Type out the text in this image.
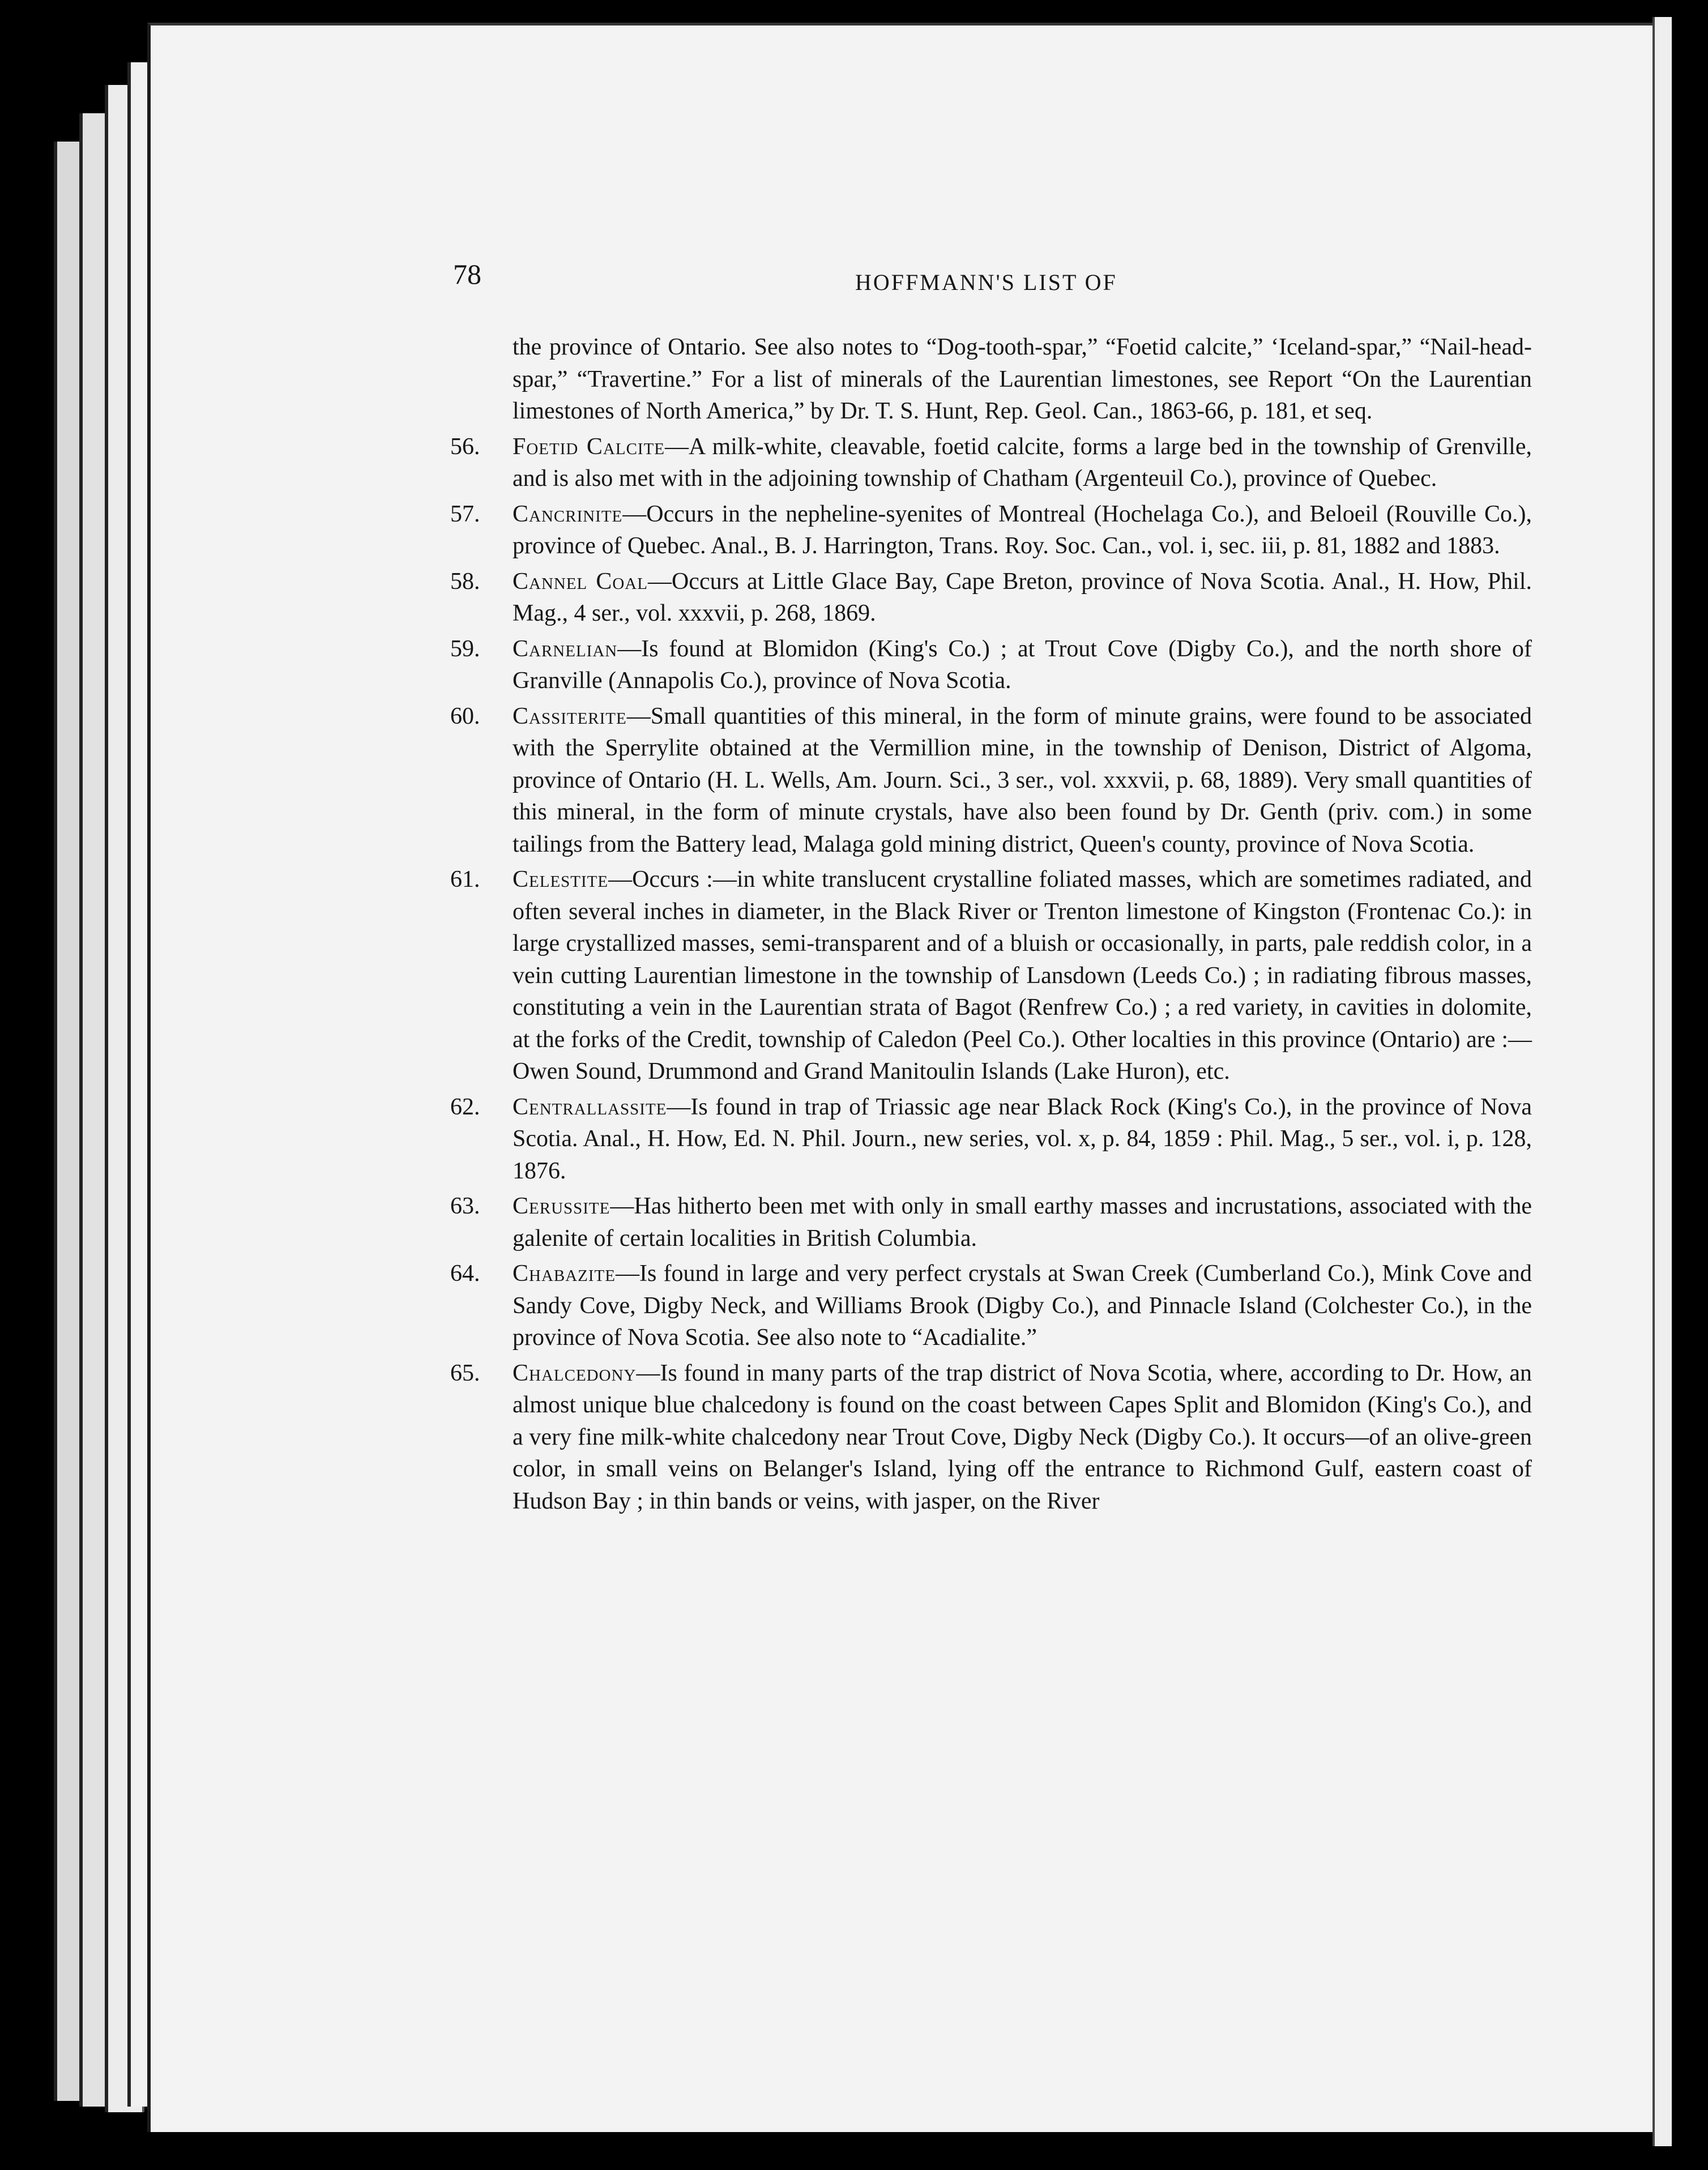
78	HOFFMANN'S LIST OF

the province of Ontario. See also notes to “Dog-tooth-spar,” “Foetid calcite,” ‘Iceland-spar,” “Nail-head-spar,” “Travertine.” For a list of minerals of the Laurentian limestones, see Report “On the Laurentian limestones of North America,” by Dr. T. S. Hunt, Rep. Geol. Can., 1863-66, p. 181, et seq.

56.	Foetid Calcite—A milk-white, cleavable, foetid calcite, forms a large bed in the township of Grenville, and is also met with in the adjoining township of Chatham (Argenteuil Co.), province of Quebec.

57.	Cancrinite—Occurs in the nepheline-syenites of Montreal (Hochelaga Co.), and Beloeil (Rouville Co.), province of Quebec. Anal., B. J. Harrington, Trans. Roy. Soc. Can., vol. i, sec. iii, p. 81, 1882 and 1883.

58.	Cannel Coal—Occurs at Little Glace Bay, Cape Breton, province of Nova Scotia. Anal., H. How, Phil. Mag., 4 ser., vol. xxxvii, p. 268, 1869.

59.	Carnelian—Is found at Blomidon (King's Co.) ; at Trout Cove (Digby Co.), and the north shore of Granville (Annapolis Co.), province of Nova Scotia.

60.	Cassiterite—Small quantities of this mineral, in the form of minute grains, were found to be associated with the Sperrylite obtained at the Vermillion mine, in the township of Denison, District of Algoma, province of Ontario (H. L. Wells, Am. Journ. Sci., 3 ser., vol. xxxvii, p. 68, 1889). Very small quantities of this mineral, in the form of minute crystals, have also been found by Dr. Genth (priv. com.) in some tailings from the Battery lead, Malaga gold mining district, Queen's county, province of Nova Scotia.

61.	Celestite—Occurs :—in white translucent crystalline foliated masses, which are sometimes radiated, and often several inches in diameter, in the Black River or Trenton limestone of Kingston (Frontenac Co.): in large crystallized masses, semi-transparent and of a bluish or occasionally, in parts, pale reddish color, in a vein cutting Laurentian limestone in the township of Lansdown (Leeds Co.) ; in radiating fibrous masses, constituting a vein in the Laurentian strata of Bagot (Renfrew Co.) ; a red variety, in cavities in dolomite, at the forks of the Credit, township of Caledon (Peel Co.). Other localties in this province (Ontario) are :—Owen Sound, Drummond and Grand Manitoulin Islands (Lake Huron), etc.

62.	Centrallassite—Is found in trap of Triassic age near Black Rock (King's Co.), in the province of Nova Scotia. Anal., H. How, Ed. N. Phil. Journ., new series, vol. x, p. 84, 1859 : Phil. Mag., 5 ser., vol. i, p. 128, 1876.

63.	Cerussite—Has hitherto been met with only in small earthy masses and incrustations, associated with the galenite of certain localities in British Columbia.

64.	Chabazite—Is found in large and very perfect crystals at Swan Creek (Cumberland Co.), Mink Cove and Sandy Cove, Digby Neck, and Williams Brook (Digby Co.), and Pinnacle Island (Colchester Co.), in the province of Nova Scotia. See also note to “Acadialite.”

65.	Chalcedony—Is found in many parts of the trap district of Nova Scotia, where, according to Dr. How, an almost unique blue chalcedony is found on the coast between Capes Split and Blomidon (King's Co.), and a very fine milk-white chalcedony near Trout Cove, Digby Neck (Digby Co.). It occurs—of an olive-green color, in small veins on Belanger's Island, lying off the entrance to Richmond Gulf, eastern coast of Hudson Bay ; in thin bands or veins, with jasper, on the River
